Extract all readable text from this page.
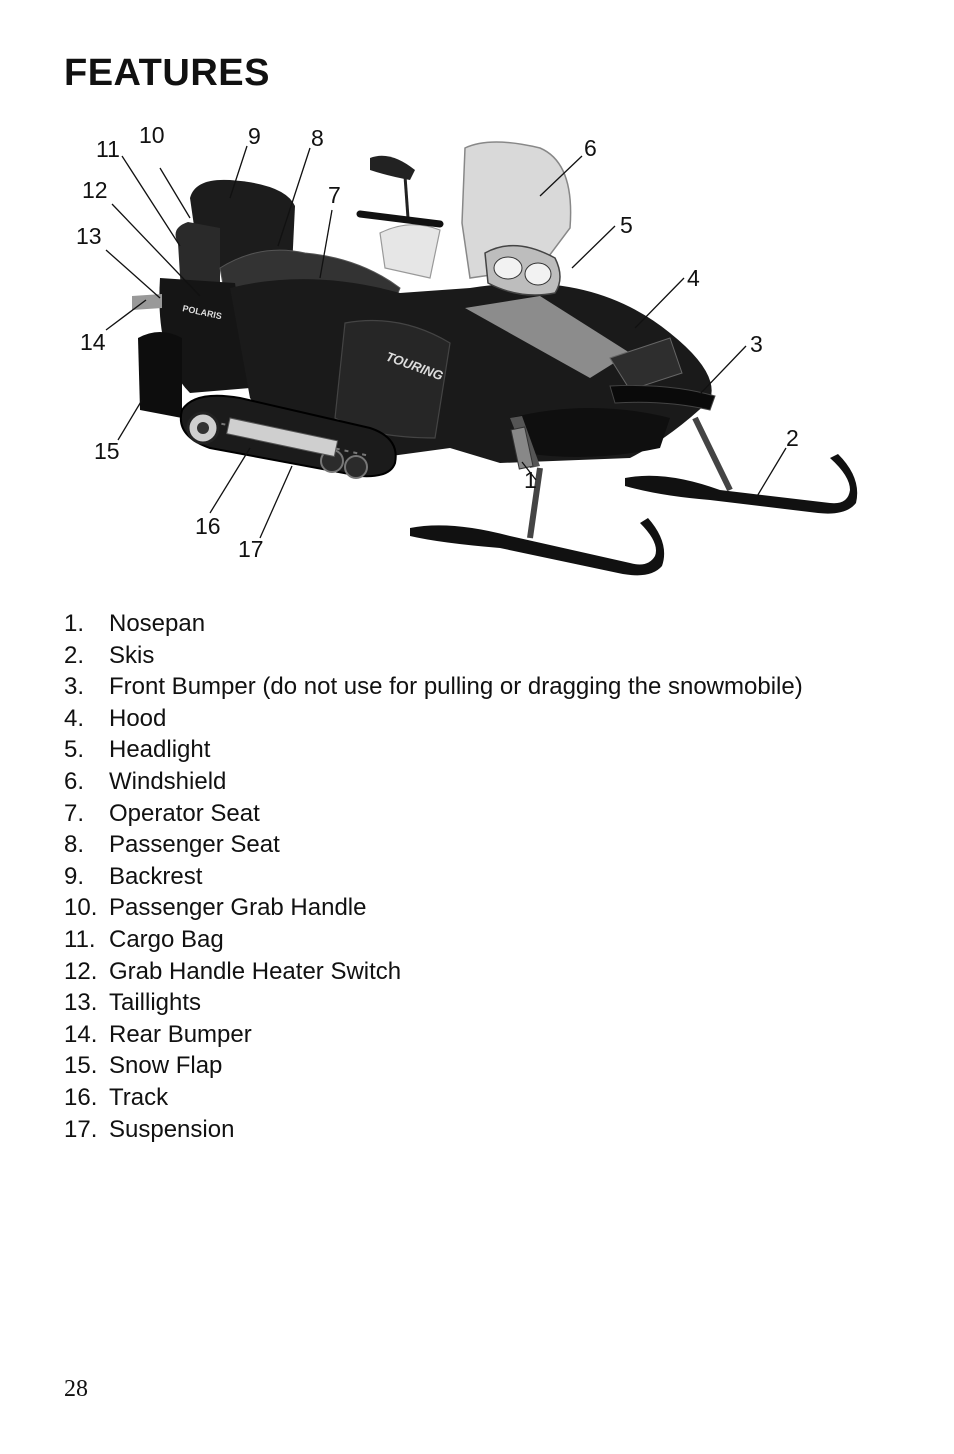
FEATURES
POLARIS
TOURING
1
2
3
4
5
6
7
8
9
10
11
12
13
14
15
16
17
1. Nosepan
2. Skis
3. Front Bumper (do not use for pulling or dragging the snowmobile)
4. Hood
5. Headlight
6. Windshield
7. Operator Seat
8. Passenger Seat
9. Backrest
10. Passenger Grab Handle
11. Cargo Bag
12. Grab Handle Heater Switch
13. Taillights
14. Rear Bumper
15. Snow Flap
16. Track
17. Suspension
28
